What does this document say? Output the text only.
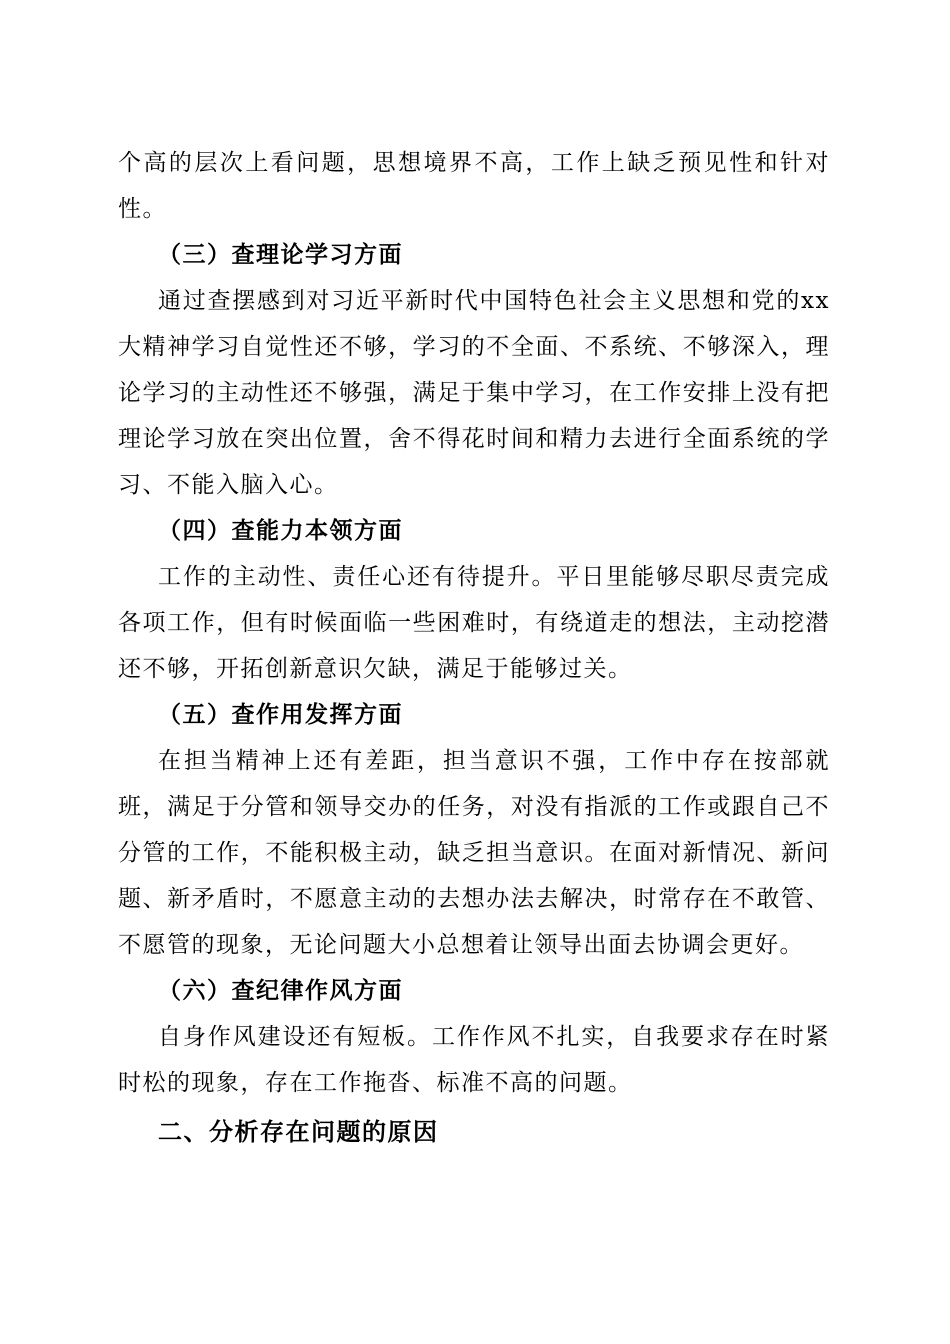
个高的层次上看问题，思想境界不高，工作上缺乏预见性和针对性。

（三）查理论学习方面

通过查摆感到对习近平新时代中国特色社会主义思想和党的xx大精神学习自觉性还不够，学习的不全面、不系统、不够深入，理论学习的主动性还不够强，满足于集中学习，在工作安排上没有把理论学习放在突出位置，舍不得花时间和精力去进行全面系统的学习、不能入脑入心。

（四）查能力本领方面

工作的主动性、责任心还有待提升。平日里能够尽职尽责完成各项工作，但有时候面临一些困难时，有绕道走的想法，主动挖潜还不够，开拓创新意识欠缺，满足于能够过关。

（五）查作用发挥方面

在担当精神上还有差距，担当意识不强，工作中存在按部就班，满足于分管和领导交办的任务，对没有指派的工作或跟自己不分管的工作，不能积极主动，缺乏担当意识。在面对新情况、新问题、新矛盾时，不愿意主动的去想办法去解决，时常存在不敢管、不愿管的现象，无论问题大小总想着让领导出面去协调会更好。

（六）查纪律作风方面

自身作风建设还有短板。工作作风不扎实，自我要求存在时紧时松的现象，存在工作拖沓、标准不高的问题。

二、分析存在问题的原因
